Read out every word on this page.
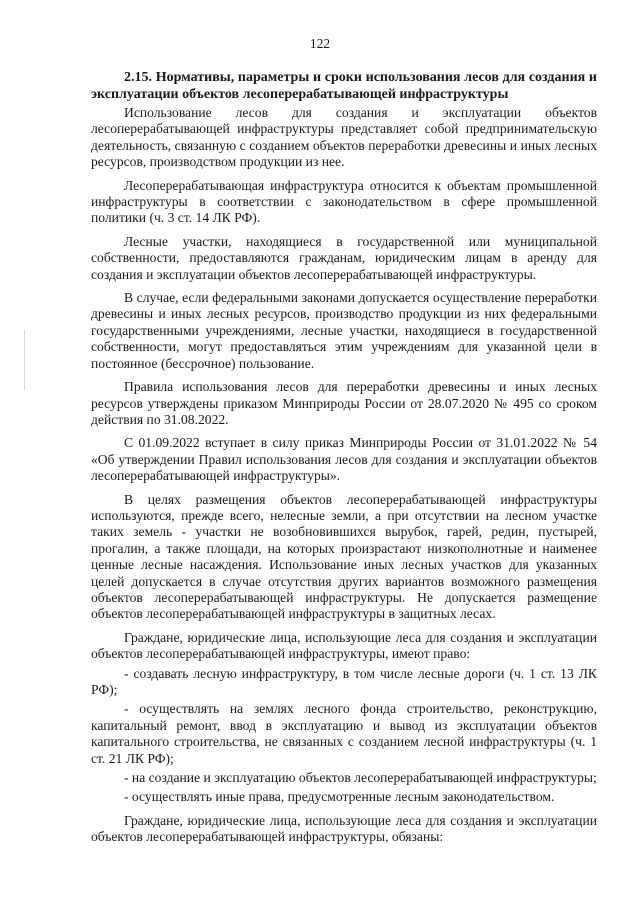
122

2.15. Нормативы, параметры и сроки использования лесов для создания и эксплуатации объектов лесоперерабатывающей инфраструктуры

Использование лесов для создания и эксплуатации объектов лесоперерабатывающей инфраструктуры представляет собой предпринимательскую деятельность, связанную с созданием объектов переработки древесины и иных лесных ресурсов, производством продукции из нее.

Лесоперерабатывающая инфраструктура относится к объектам промышленной инфраструктуры в соответствии с законодательством в сфере промышленной политики (ч. 3 ст. 14 ЛК РФ).

Лесные участки, находящиеся в государственной или муниципальной собственности, предоставляются гражданам, юридическим лицам в аренду для создания и эксплуатации объектов лесоперерабатывающей инфраструктуры.

В случае, если федеральными законами допускается осуществление переработки древесины и иных лесных ресурсов, производство продукции из них федеральными государственными учреждениями, лесные участки, находящиеся в государственной собственности, могут предоставляться этим учреждениям для указанной цели в постоянное (бессрочное) пользование.

Правила использования лесов для переработки древесины и иных лесных ресурсов утверждены приказом Минприроды России от 28.07.2020 № 495 со сроком действия по 31.08.2022.

С 01.09.2022 вступает в силу приказ Минприроды России от 31.01.2022 № 54 «Об утверждении Правил использования лесов для создания и эксплуатации объектов лесоперерабатывающей инфраструктуры».

В целях размещения объектов лесоперерабатывающей инфраструктуры используются, прежде всего, нелесные земли, а при отсутствии на лесном участке таких земель - участки не возобновившихся вырубок, гарей, редин, пустырей, прогалин, а также площади, на которых произрастают низкополнотные и наименее ценные лесные насаждения. Использование иных лесных участков для указанных целей допускается в случае отсутствия других вариантов возможного размещения объектов лесоперерабатывающей инфраструктуры. Не допускается размещение объектов лесоперерабатывающей инфраструктуры в защитных лесах.

Граждане, юридические лица, использующие леса для создания и эксплуатации объектов лесоперерабатывающей инфраструктуры, имеют право:

- создавать лесную инфраструктуру, в том числе лесные дороги (ч. 1 ст. 13 ЛК РФ);

- осуществлять на землях лесного фонда строительство, реконструкцию, капитальный ремонт, ввод в эксплуатацию и вывод из эксплуатации объектов капитального строительства, не связанных с созданием лесной инфраструктуры (ч. 1 ст. 21 ЛК РФ);

- на создание и эксплуатацию объектов лесоперерабатывающей инфраструктуры;

- осуществлять иные права, предусмотренные лесным законодательством.

Граждане, юридические лица, использующие леса для создания и эксплуатации объектов лесоперерабатывающей инфраструктуры, обязаны:
